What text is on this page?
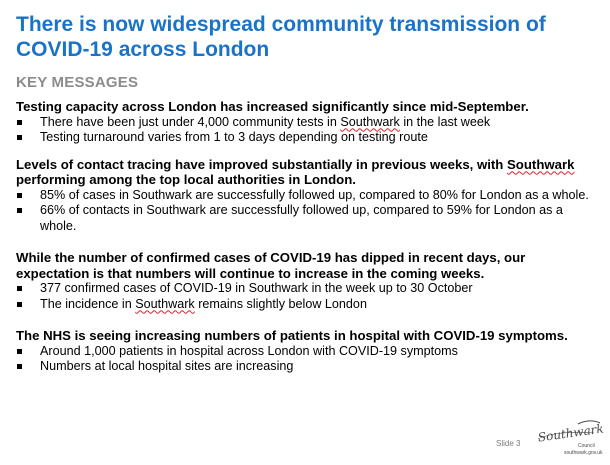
There is now widespread community transmission of COVID-19 across London
KEY MESSAGES

Testing capacity across London has increased significantly since mid-September.

There have been just under 4,000 community tests in Southwark in the last week
Testing turnaround varies from 1 to 3 days depending on testing route

Levels of contact tracing have improved substantially in previous weeks, with Southwark performing among the top local authorities in London.

85% of cases in Southwark are successfully followed up, compared to 80% for London as a whole.
66% of contacts in Southwark are successfully followed up, compared to 59% for London as a whole.

While the number of confirmed cases of COVID-19 has dipped in recent days, our expectation is that numbers will continue to increase in the coming weeks.

377 confirmed cases of COVID-19 in Southwark in the week up to 30 October
The incidence in Southwark remains slightly below London

The NHS is seeing increasing numbers of patients in hospital with COVID-19 symptoms.

Around 1,000 patients in hospital across London with COVID-19 symptoms
Numbers at local hospital sites are increasing
Slide 3 Southwark
Council
southwark.gov.uk
